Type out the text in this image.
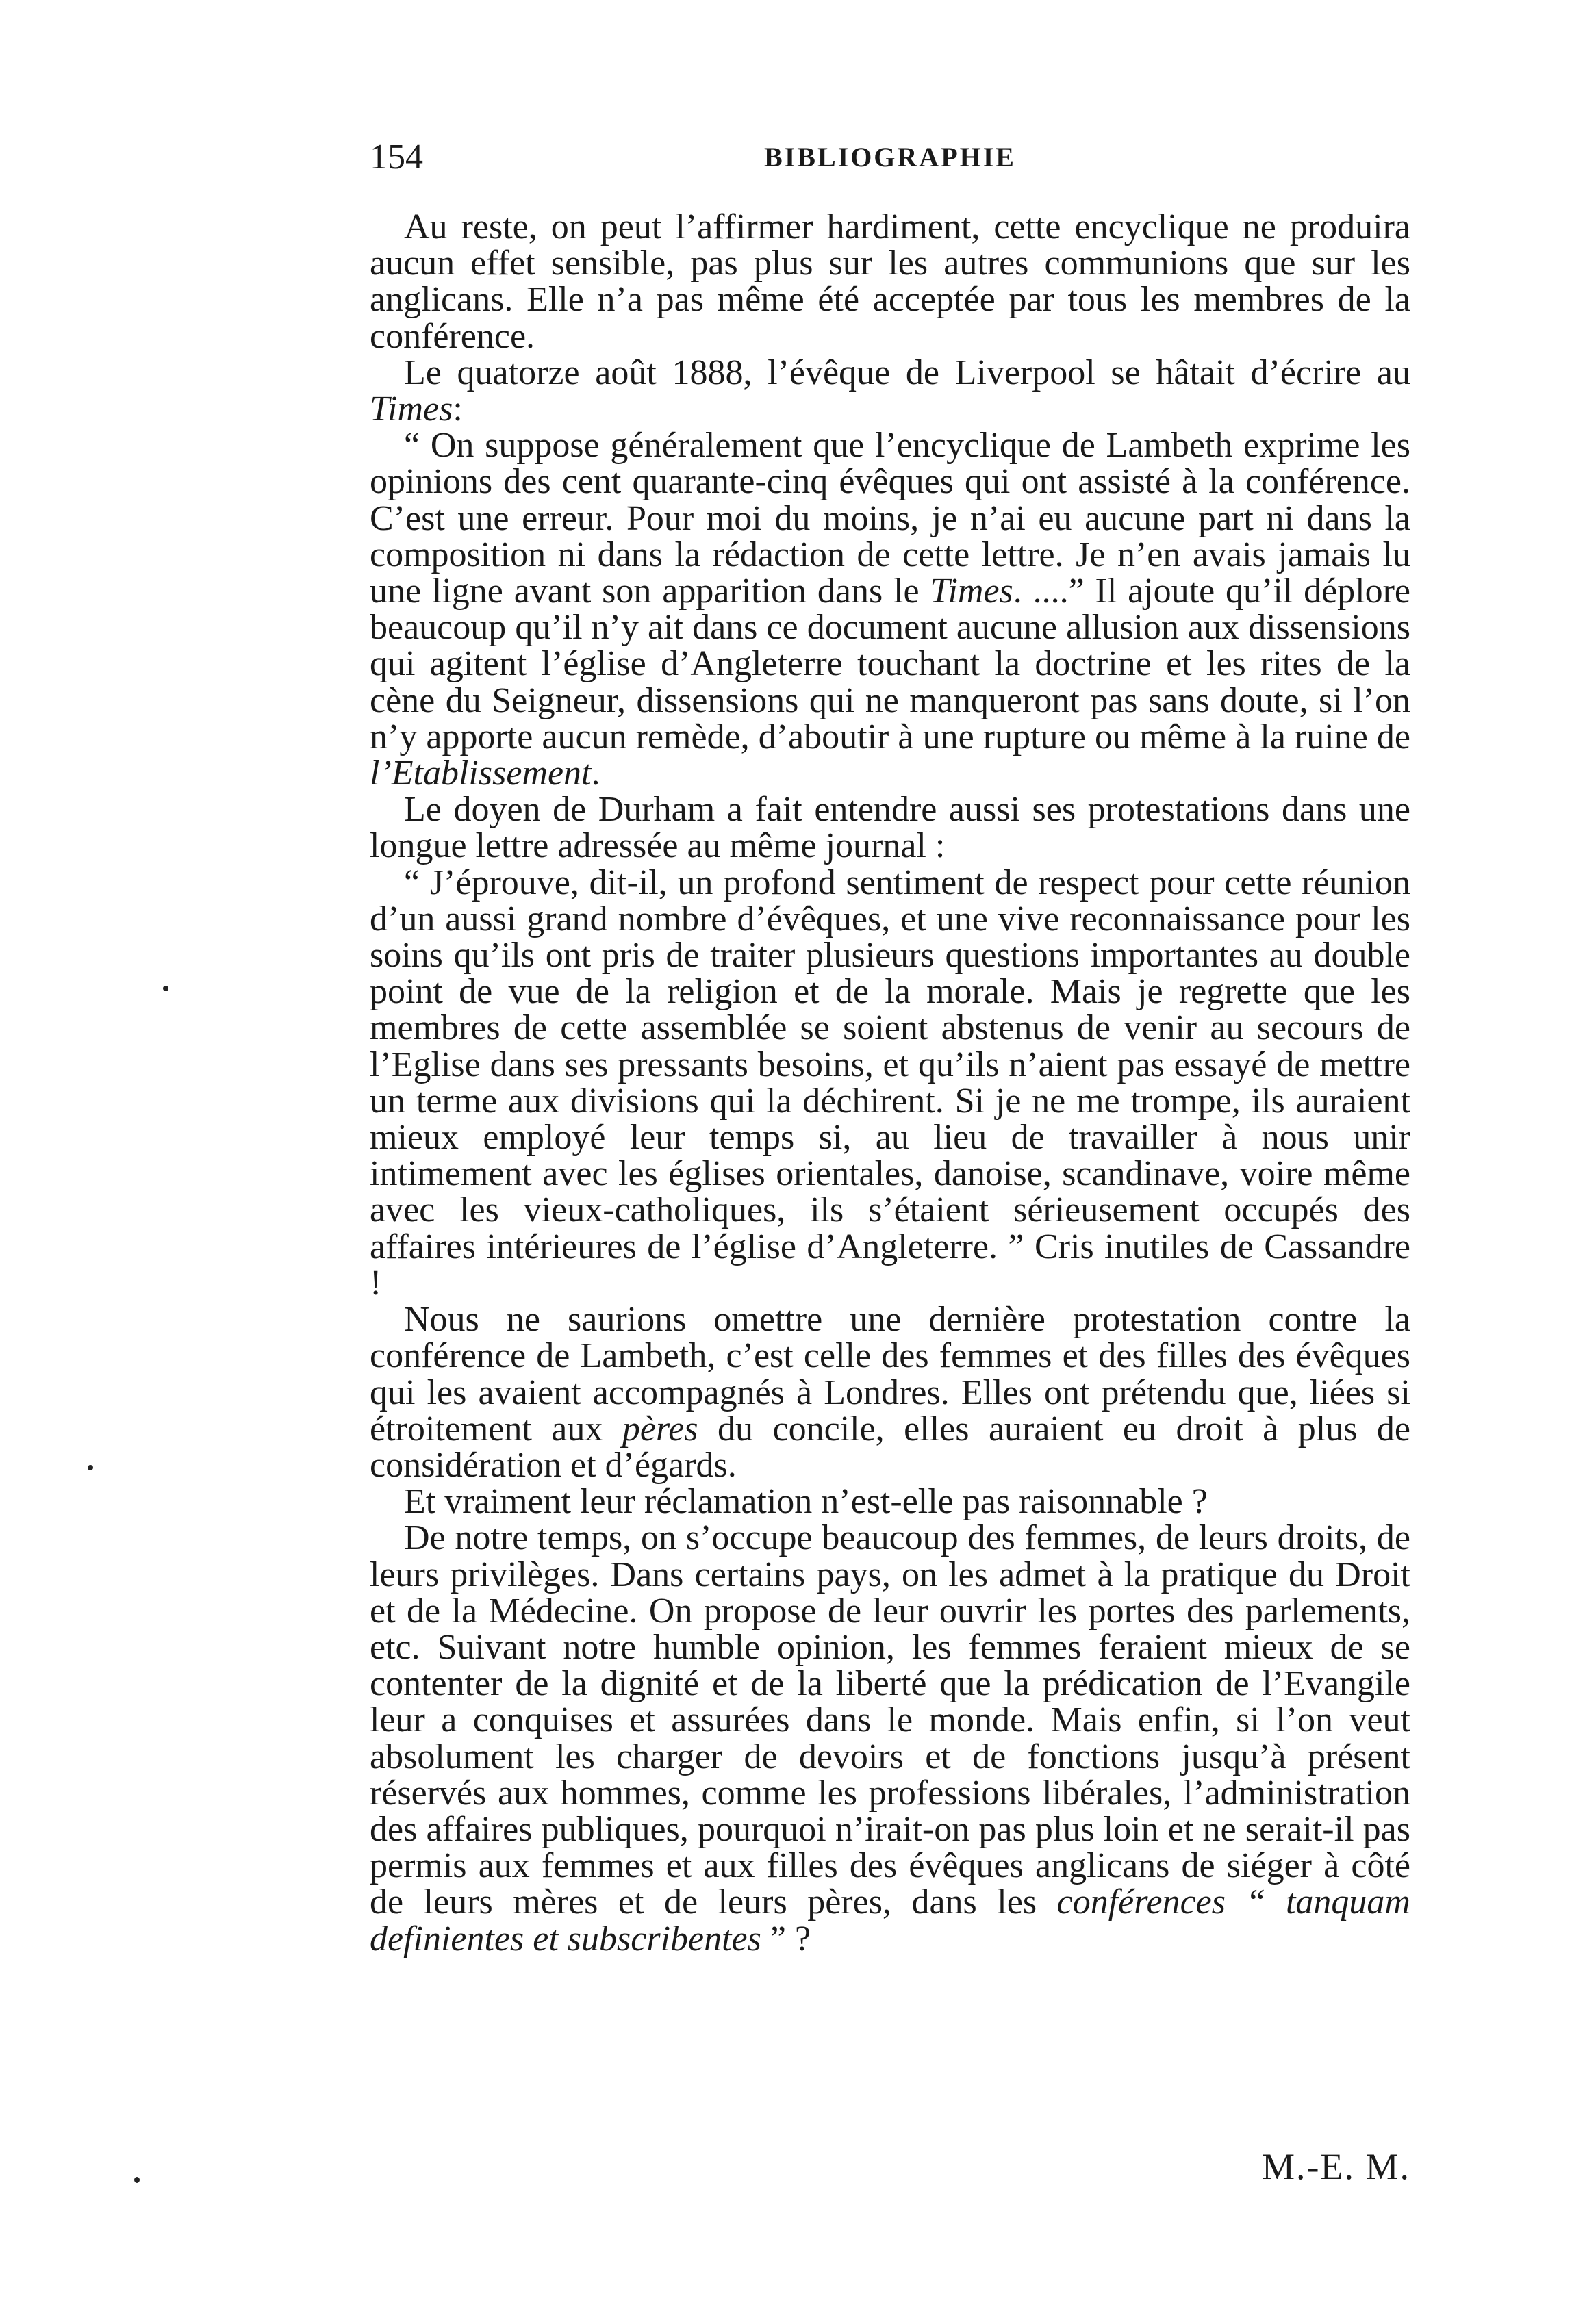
154	BIBLIOGRAPHIE

Au reste, on peut l’affirmer hardiment, cette encyclique ne produira aucun effet sensible, pas plus sur les autres communions que sur les anglicans. Elle n’a pas même été acceptée par tous les membres de la conférence.

Le quatorze août 1888, l’évêque de Liverpool se hâtait d’écrire au Times:

“ On suppose généralement que l’encyclique de Lambeth exprime les opinions des cent quarante-cinq évêques qui ont assisté à la conférence. C’est une erreur. Pour moi du moins, je n’ai eu aucune part ni dans la composition ni dans la rédaction de cette lettre. Je n’en avais jamais lu une ligne avant son apparition dans le Times. ....” Il ajoute qu’il déplore beaucoup qu’il n’y ait dans ce document aucune allusion aux dissensions qui agitent l’église d’Angleterre touchant la doctrine et les rites de la cène du Seigneur, dissensions qui ne manqueront pas sans doute, si l’on n’y apporte aucun remède, d’aboutir à une rupture ou même à la ruine de l’Etablissement.

Le doyen de Durham a fait entendre aussi ses protestations dans une longue lettre adressée au même journal :

“ J’éprouve, dit-il, un profond sentiment de respect pour cette réunion d’un aussi grand nombre d’évêques, et une vive reconnaissance pour les soins qu’ils ont pris de traiter plusieurs questions importantes au double point de vue de la religion et de la morale. Mais je regrette que les membres de cette assemblée se soient abstenus de venir au secours de l’Eglise dans ses pressants besoins, et qu’ils n’aient pas essayé de mettre un terme aux divisions qui la déchirent. Si je ne me trompe, ils auraient mieux employé leur temps si, au lieu de travailler à nous unir intimement avec les églises orientales, danoise, scandinave, voire même avec les vieux-catholiques, ils s’étaient sérieusement occupés des affaires intérieures de l’église d’Angleterre. ” Cris inutiles de Cassandre !

Nous ne saurions omettre une dernière protestation contre la conférence de Lambeth, c’est celle des femmes et des filles des évêques qui les avaient accompagnés à Londres. Elles ont prétendu que, liées si étroitement aux pères du concile, elles auraient eu droit à plus de considération et d’égards.

Et vraiment leur réclamation n’est-elle pas raisonnable ?

De notre temps, on s’occupe beaucoup des femmes, de leurs droits, de leurs privilèges. Dans certains pays, on les admet à la pratique du Droit et de la Médecine. On propose de leur ouvrir les portes des parlements, etc. Suivant notre humble opinion, les femmes feraient mieux de se contenter de la dignité et de la liberté que la prédication de l’Evangile leur a conquises et assurées dans le monde. Mais enfin, si l’on veut absolument les charger de devoirs et de fonctions jusqu’à présent réservés aux hommes, comme les professions libérales, l’administration des affaires publiques, pourquoi n’irait-on pas plus loin et ne serait-il pas permis aux femmes et aux filles des évêques anglicans de siéger à côté de leurs mères et de leurs pères, dans les conférences “ tanquam definientes et subscribentes ” ?

M.-E. M.
